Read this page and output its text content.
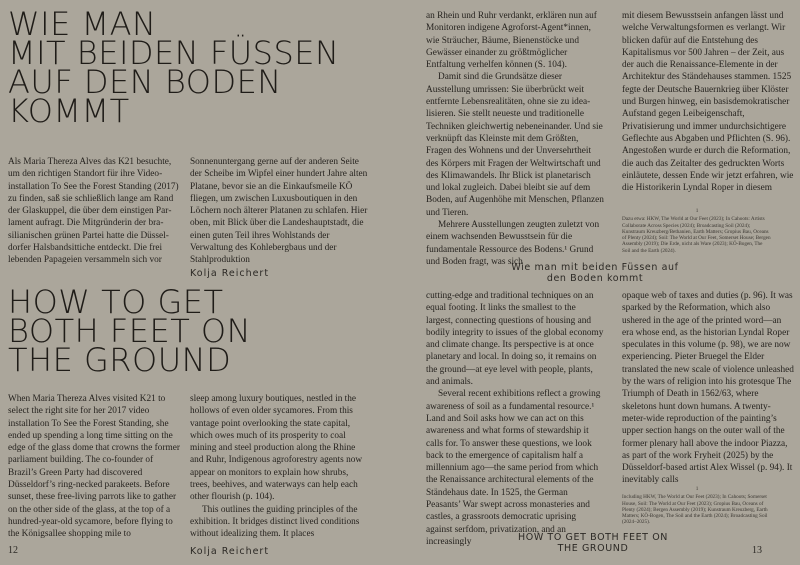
WIE MAN
MIT BEIDEN FÜSSEN
AUF DEN BODEN
KOMMT

Als Maria Thereza Alves das K21 besuchte, um den richtigen Standort für ihre Videoinstallation To See the Forest Standing (2017) zu finden, saß sie schließlich lange am Rand der Glaskuppel, die über dem einstigen Parlament aufragt. Die Mitgründerin der brasilianischen grünen Partei hatte die Düsseldorfer Halsbandsittiche entdeckt. Die frei lebenden Papageien versammeln sich vor

Sonnenuntergang gerne auf der anderen Seite der Scheibe im Wipfel einer hundert Jahre alten Platane, bevor sie an die Einkaufsmeile KÖ fliegen, um zwischen Luxusboutiquen in den Löchern noch älterer Platanen zu schlafen. Hier oben, mit Blick über die Landeshauptstadt, die einen guten Teil ihres Wohlstands der Verwaltung des Kohlebergbaus und der Stahlproduktion

Kolja Reichert
HOW TO GET
BOTH FEET ON
THE GROUND

When Maria Thereza Alves visited K21 to select the right site for her 2017 video installation To See the Forest Standing, she ended up spending a long time sitting on the edge of the glass dome that crowns the former parliament building. The co-founder of Brazil’s Green Party had discovered Düsseldorf’s ring-necked parakeets. Before sunset, these free-living parrots like to gather on the other side of the glass, at the top of a hundred-year-old sycamore, before flying to the Königsallee shopping mile to

sleep among luxury boutiques, nestled in the hollows of even older sycamores. From this vantage point overlooking the state capital, which owes much of its prosperity to coal mining and steel production along the Rhine and Ruhr, Indigenous agroforestry agents now appear on monitors to explain how shrubs, trees, beehives, and waterways can help each other flourish (p. 104).

This outlines the guiding principles of the exhibition. It bridges distinct lived conditions without idealizing them. It places

12	Kolja Reichert

an Rhein und Ruhr verdankt, erklären nun auf Monitoren indigene Agroforst-Agent*innen, wie Sträucher, Bäume, Bienenstöcke und Gewässer einander zu größtmöglicher Entfaltung verhelfen können (S. 104).

Damit sind die Grundsätze dieser Ausstellung umrissen: Sie überbrückt weit entfernte Lebensrealitäten, ohne sie zu idealisieren. Sie stellt neueste und traditionelle Techniken gleichwertig nebeneinander. Und sie verknüpft das Kleinste mit dem Größten, Fragen des Wohnens und der Unversehrtheit des Körpers mit Fragen der Weltwirtschaft und des Klimawandels. Ihr Blick ist planetarisch und lokal zugleich. Dabei bleibt sie auf dem Boden, auf Augenhöhe mit Menschen, Pflanzen und Tieren.

Mehrere Ausstellungen zeugten zuletzt von einem wachsenden Bewusstsein für die fundamentale Ressource des Bodens.¹ Grund und Boden fragt, was sich

mit diesem Bewusstsein anfangen lässt und welche Verwaltungsformen es verlangt. Wir blicken dafür auf die Entstehung des Kapitalismus vor 500 Jahren – der Zeit, aus der auch die Renaissance-Elemente in der Architektur des Ständehauses stammen. 1525 fegte der Deutsche Bauernkrieg über Klöster und Burgen hinweg, ein basisdemokratischer Aufstand gegen Leibeigenschaft, Privatisierung und immer undurchsichtigere Geflechte aus Abgaben und Pflichten (S. 96). Angestoßen wurde er durch die Reformation, die auch das Zeitalter des gedruckten Worts einläutete, dessen Ende wir jetzt erfahren, wie die Historikerin Lyndal Roper in diesem

1
Dazu etwa: HKW, The World at Our Feet (2023); In Cahoots: Artists Collaborate Across Species (2024); Broadcasting Soil (2024); Kunstraum Kreuzberg/Bethanien, Earth Matters; Gropius Bau, Oceans of Plenty (2024); Soil: The World at Our Feet, Somerset House; Bergen Assembly (2019); Die Erde, nicht als Ware (2023); KÖ-Bogen, The Soil and the Earth (2024).
Wie man mit beiden Füssen auf den Boden kommt

cutting-edge and traditional techniques on an equal footing. It links the smallest to the largest, connecting questions of housing and bodily integrity to issues of the global economy and climate change. Its perspective is at once planetary and local. In doing so, it remains on the ground—at eye level with people, plants, and animals.

Several recent exhibitions reflect a growing awareness of soil as a fundamental resource.¹ Land and Soil asks how we can act on this awareness and what forms of stewardship it calls for. To answer these questions, we look back to the emergence of capitalism half a millennium ago—the same period from which the Renaissance architectural elements of the Ständehaus date. In 1525, the German Peasants’ War swept across monasteries and castles, a grassroots democratic uprising against serfdom, privatization, and an increasingly

opaque web of taxes and duties (p. 96). It was sparked by the Reformation, which also ushered in the age of the printed word—an era whose end, as the historian Lyndal Roper speculates in this volume (p. 98), we are now experiencing. Pieter Bruegel the Elder translated the new scale of violence unleashed by the wars of religion into his grotesque The Triumph of Death in 1562/63, where skeletons hunt down humans. A twenty-meter-wide reproduction of the painting’s upper section hangs on the outer wall of the former plenary hall above the indoor Piazza, as part of the work Fryheit (2025) by the Düsseldorf-based artist Alex Wissel (p. 94). It inevitably calls

1
Including HKW, The World at Our Feet (2023); In Cahoots; Somerset House, Soil: The World at Our Feet (2023); Gropius Bau, Oceans of Plenty (2024); Bergen Assembly (2019); Kunstraum Kreuzberg, Earth Matters; KÖ-Bogen, The Soil and the Earth (2024); Broadcasting Soil (2024–2025).
HOW TO GET BOTH FEET ON THE GROUND	13
